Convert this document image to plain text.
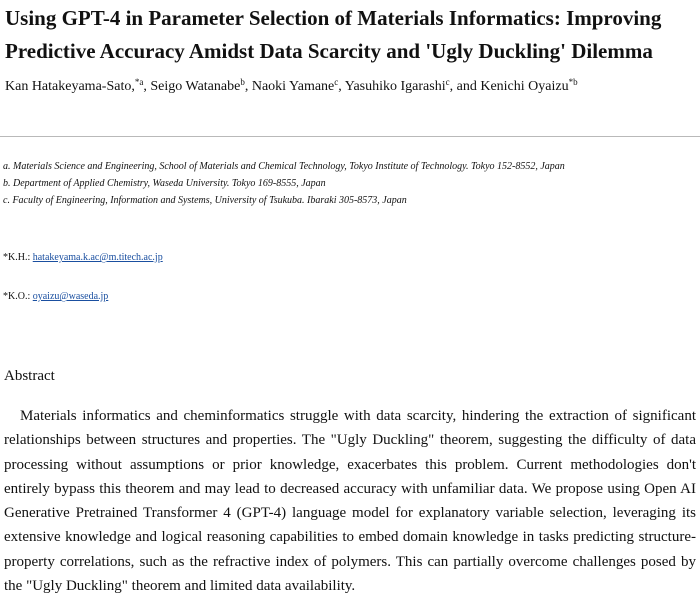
Using GPT-4 in Parameter Selection of Materials Informatics: Improving
Predictive Accuracy Amidst Data Scarcity and 'Ugly Duckling' Dilemma
Kan Hatakeyama-Sato,$^{*a}$, Seigo Watanabe$^b$, Naoki Yamane$^c$, Yasuhiko Igarashi$^c$, and Kenichi Oyaizu$^{*b}$
a. Materials Science and Engineering, School of Materials and Chemical Technology, Tokyo Institute of Technology. Tokyo 152-8552, Japan
b. Department of Applied Chemistry, Waseda University. Tokyo 169-8555, Japan
c. Faculty of Engineering, Information and Systems, University of Tsukuba. Ibaraki 305-8573, Japan
*K.H.: hatakeyama.k.ac@m.titech.ac.jp
*K.O.: oyaizu@waseda.jp
Abstract

Materials informatics and cheminformatics struggle with data scarcity, hindering the extraction of significant relationships between structures and properties. The "Ugly Duckling" theorem, suggesting the difficulty of data processing without assumptions or prior knowledge, exacerbates this problem. Current methodologies don't entirely bypass this theorem and may lead to decreased accuracy with unfamiliar data. We propose using Open AI Generative Pretrained Transformer 4 (GPT-4) language model for explanatory variable selection, leveraging its extensive knowledge and logical reasoning capabilities to embed domain knowledge in tasks predicting structure-property correlations, such as the refractive index of polymers. This can partially overcome challenges posed by the "Ugly Duckling" theorem and limited data availability.
